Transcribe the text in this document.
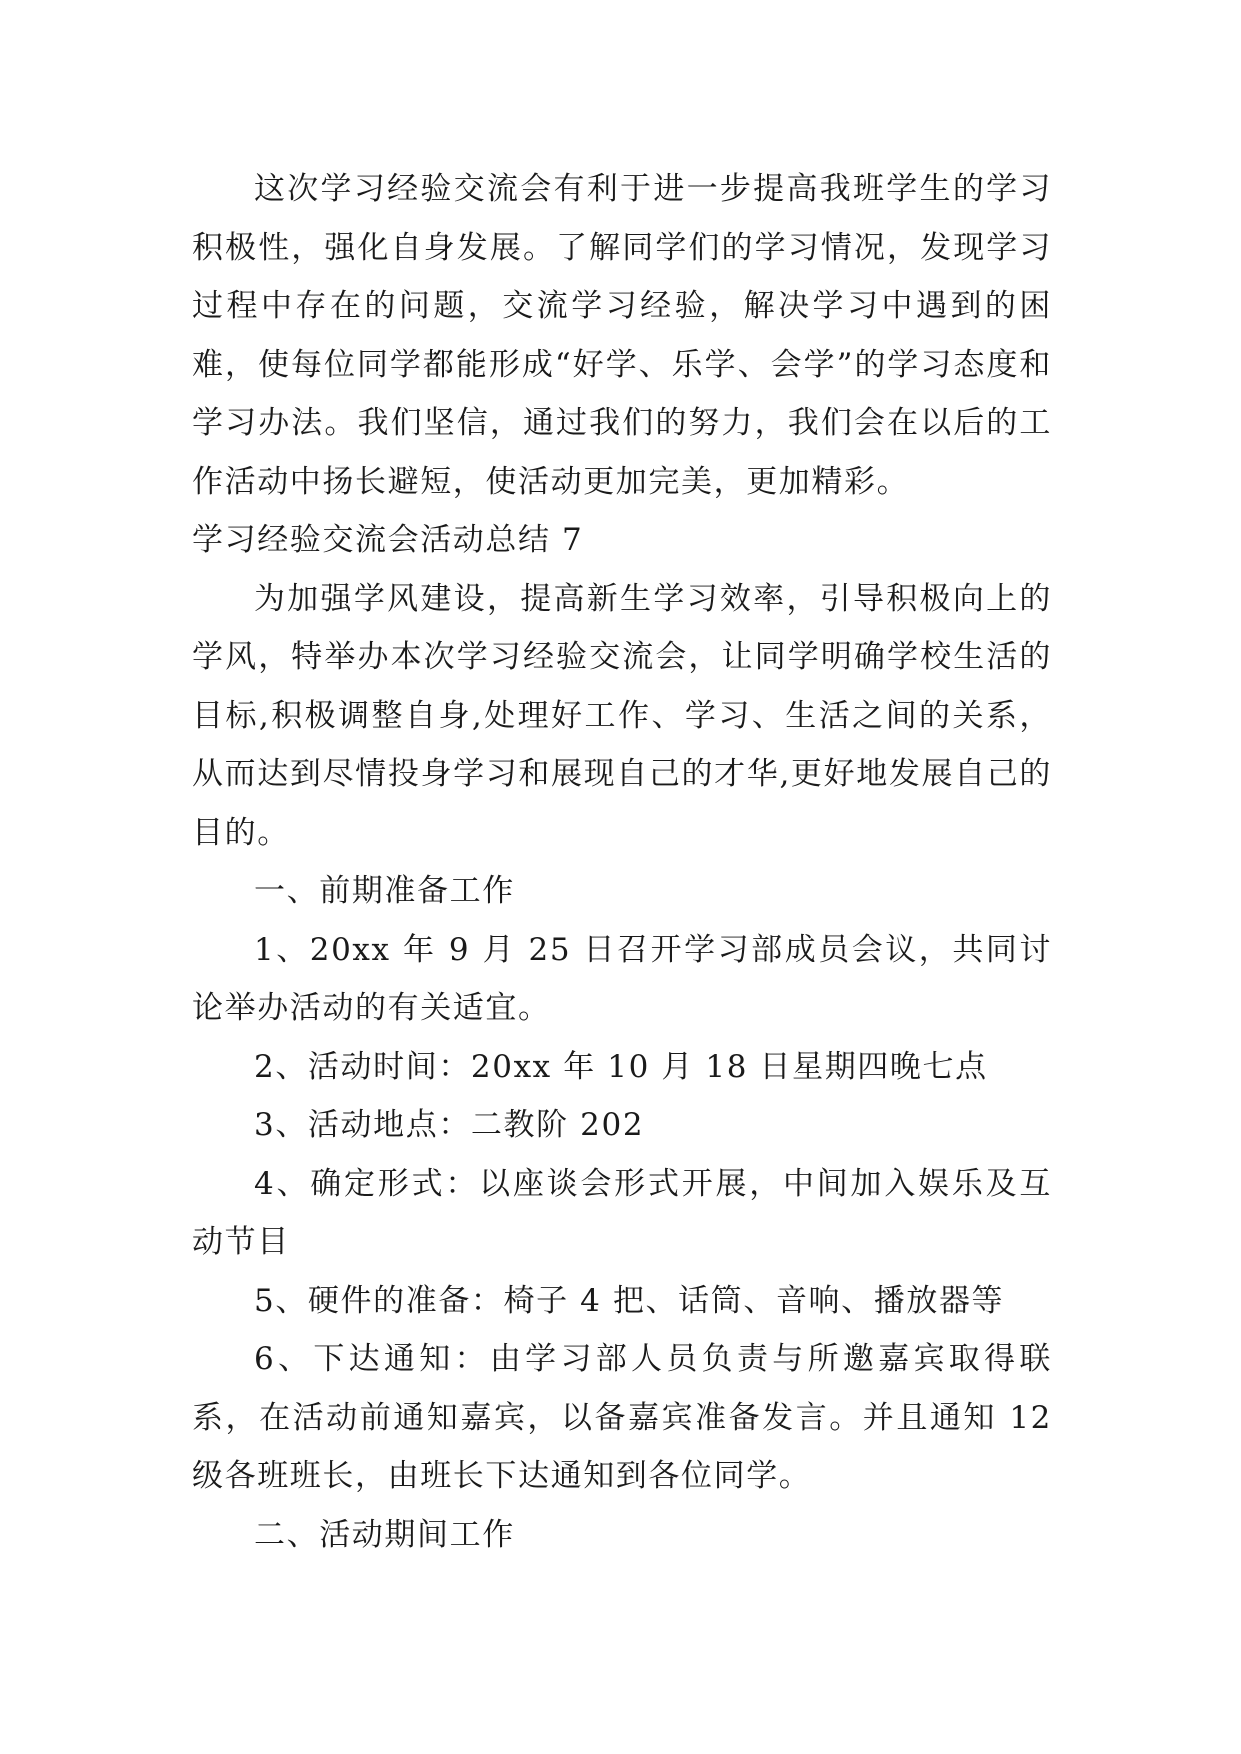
这次学习经验交流会有利于进一步提高我班学生的学习积极性，强化自身发展。了解同学们的学习情况，发现学习过程中存在的问题，交流学习经验，解决学习中遇到的困难，使每位同学都能形成“好学、乐学、会学”的学习态度和学习办法。我们坚信，通过我们的努力，我们会在以后的工作活动中扬长避短，使活动更加完美，更加精彩。

学习经验交流会活动总结 7

为加强学风建设，提高新生学习效率，引导积极向上的学风，特举办本次学习经验交流会，让同学明确学校生活的目标,积极调整自身,处理好工作、学习、生活之间的关系，从而达到尽情投身学习和展现自己的才华,更好地发展自己的目的。

一、前期准备工作

1、20xx 年 9 月 25 日召开学习部成员会议，共同讨论举办活动的有关适宜。

2、活动时间：20xx 年 10 月 18 日星期四晚七点

3、活动地点：二教阶 202

4、确定形式：以座谈会形式开展，中间加入娱乐及互动节目

5、硬件的准备：椅子 4 把、话筒、音响、播放器等

6、下达通知：由学习部人员负责与所邀嘉宾取得联系，在活动前通知嘉宾，以备嘉宾准备发言。并且通知 12 级各班班长，由班长下达通知到各位同学。

二、活动期间工作
